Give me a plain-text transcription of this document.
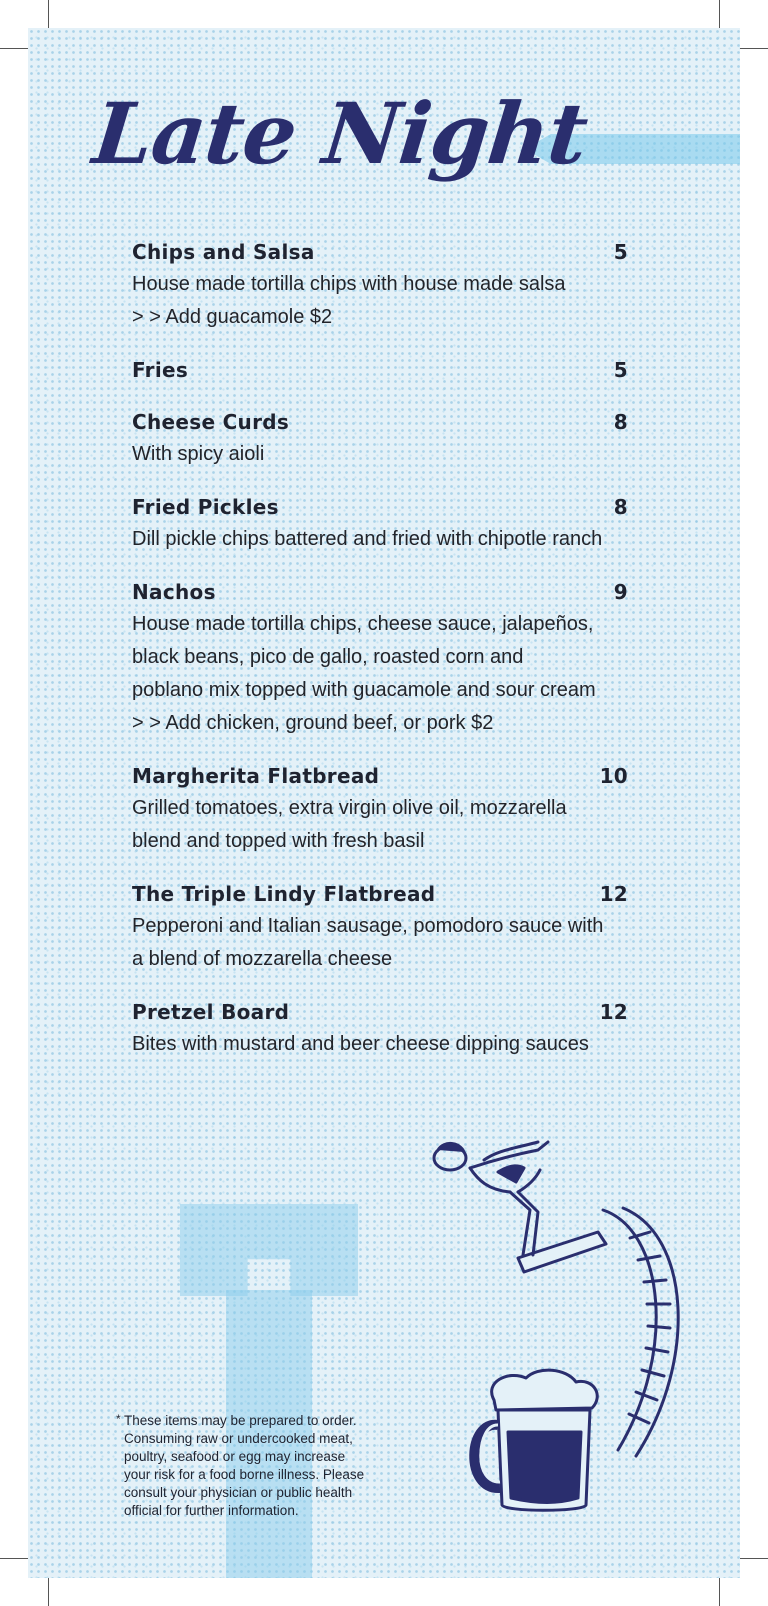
Late Night
Chips and Salsa	5

House made tortilla chips with house made salsa
> > Add guacamole $2

Fries	5
Cheese Curds	8

With spicy aioli

Fried Pickles	8

Dill pickle chips battered and fried with chipotle ranch

Nachos	9

House made tortilla chips, cheese sauce, jalapeños,
black beans, pico de gallo, roasted corn and
poblano mix topped with guacamole and sour cream
> > Add chicken, ground beef, or pork $2

Margherita Flatbread	10

Grilled tomatoes, extra virgin olive oil, mozzarella
blend and topped with fresh basil

The Triple Lindy Flatbread	12

Pepperoni and Italian sausage, pomodoro sauce with
a blend of mozzarella cheese

Pretzel Board	12

Bites with mustard and beer cheese dipping sauces

* These items may be prepared to order.
Consuming raw or undercooked meat,
poultry, seafood or egg may increase
your risk for a food borne illness. Please
consult your physician or public health
official for further information.
